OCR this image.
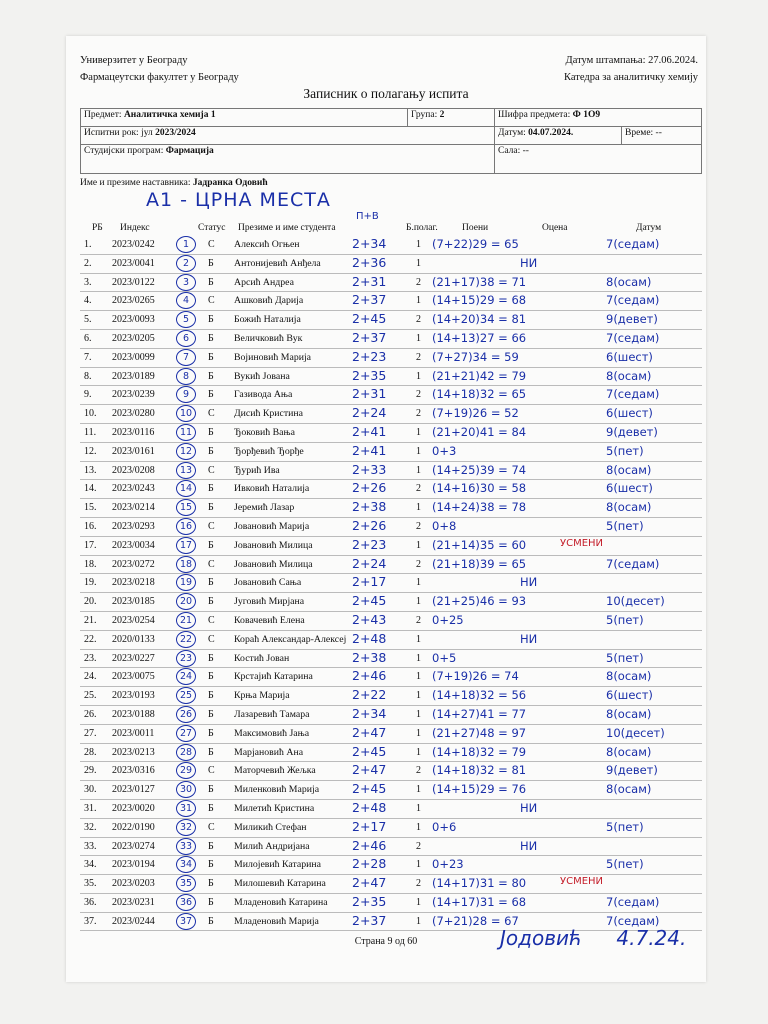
Универзитет у Београду
Фармацеутски факултет у Београду
Датум штампања: 27.06.2024.
Катедра за аналитичку хемију
Записник о полагању испита
Предмет: Аналитичка хемија 1	Група: 2	Шифра предмета: Ф 1О9	
Испитни рок: јул 2023/2024		Датум: 04.07.2024.	Време: --
Студијски програм: Фармација		Сала: --	
Име и презиме наставника: Јадранка Одовић
А1 - ЦРНА МЕСТА
П+В
РБ Индекс	Статус Презиме и име студента	Б.полаг.	Поени	Оцена	Датум
1. 2023/0242	1	С Алексић Огњен	2+34	1 (7+22)29 = 65	7(седам)
2. 2023/0041	2	Б Антонијевић Анђела 2+36	1	НИ
3. 2023/0122	3	Б Арсић Андреа	2+31	2 (21+17)38 = 71	8(осам)
4. 2023/0265	4	С Ашковић Дарија	2+37	1 (14+15)29 = 68	7(седам)
5. 2023/0093	5	Б Божић Наталија	2+45	2 (14+20)34 = 81	9(девет)
6. 2023/0205	6	Б Величковић Вук	2+37	1 (14+13)27 = 66	7(седам)
7. 2023/0099	7	Б Војиновић Марија	2+23	2 (7+27)34 = 59	6(шест)
8. 2023/0189	8	Б Вукић Јована	2+35	1 (21+21)42 = 79	8(осам)
9. 2023/0239	9	Б Газивода Ања	2+31	2 (14+18)32 = 65	7(седам)
10. 2023/0280	10	С Дисић Кристина	2+24	2 (7+19)26 = 52	6(шест)
11. 2023/0116	11	Б Ђоковић Вања	2+41	1 (21+20)41 = 84	9(девет)
12. 2023/0161	12	Б Ђорђевић Ђорђе	2+41	1 0+3	5(пет)
13. 2023/0208	13	С Ђурић Ива	2+33	1 (14+25)39 = 74	8(осам)
14. 2023/0243	14	Б Ивковић Наталија	2+26	2 (14+16)30 = 58	6(шест)
15. 2023/0214	15	Б Јеремић Лазар	2+38	1 (14+24)38 = 78	8(осам)
16. 2023/0293	16	С Јовановић Марија	2+26	2 0+8	5(пет)
17. 2023/0034	17	Б Јовановић Милица	2+23	1 (21+14)35 = 60	УСМЕНИ
18. 2023/0272	18	С Јовановић Милица	2+24	2 (21+18)39 = 65	7(седам)
19. 2023/0218	19	Б Јовановић Сања	2+17	1	НИ
20. 2023/0185	20	Б Југовић Мирјана	2+45	1 (21+25)46 = 93	10(десет)
21. 2023/0254	21	С Ковачевић Елена	2+43	2 0+25	5(пет)
22. 2020/0133	22	С Кораћ Александар-Алексеј 2+48	1	НИ
23. 2023/0227	23	Б Костић Јован	2+38	1 0+5	5(пет)
24. 2023/0075	24	Б Крстајић Катарина	2+46	1 (7+19)26 = 74	8(осам)
25. 2023/0193	25	Б Крња Марија	2+22	1 (14+18)32 = 56	6(шест)
26. 2023/0188	26	Б Лазаревић Тамара	2+34	1 (14+27)41 = 77	8(осам)
27. 2023/0011	27	Б Максимовић Јања	2+47	1 (21+27)48 = 97	10(десет)
28. 2023/0213	28	Б Марјановић Ана	2+45	1 (14+18)32 = 79	8(осам)
29. 2023/0316	29	С Маторчевић Жељка	2+47	2 (14+18)32 = 81	9(девет)
30. 2023/0127	30	Б Миленковић Марија	2+45	1 (14+15)29 = 76	8(осам)
31. 2023/0020	31	Б Милетић Кристина	2+48	1	НИ
32. 2022/0190	32	С Миликић Стефан	2+17	1 0+6	5(пет)
33. 2023/0274	33	Б Милић Андријана	2+46	2	НИ
34. 2023/0194	34	Б Милојевић Катарина 2+28	1 0+23	5(пет)
35. 2023/0203	35	Б Милошевић Катарина 2+47	2 (14+17)31 = 80	УСМЕНИ
36. 2023/0231	36	Б Младеновић Катарина 2+35	1 (14+17)31 = 68	7(седам)
37. 2023/0244	37	Б Младеновић Марија	2+37	1 (7+21)28 = 67	7(седам)
Страна 9 од 60	Јодовић 4.7.24.
